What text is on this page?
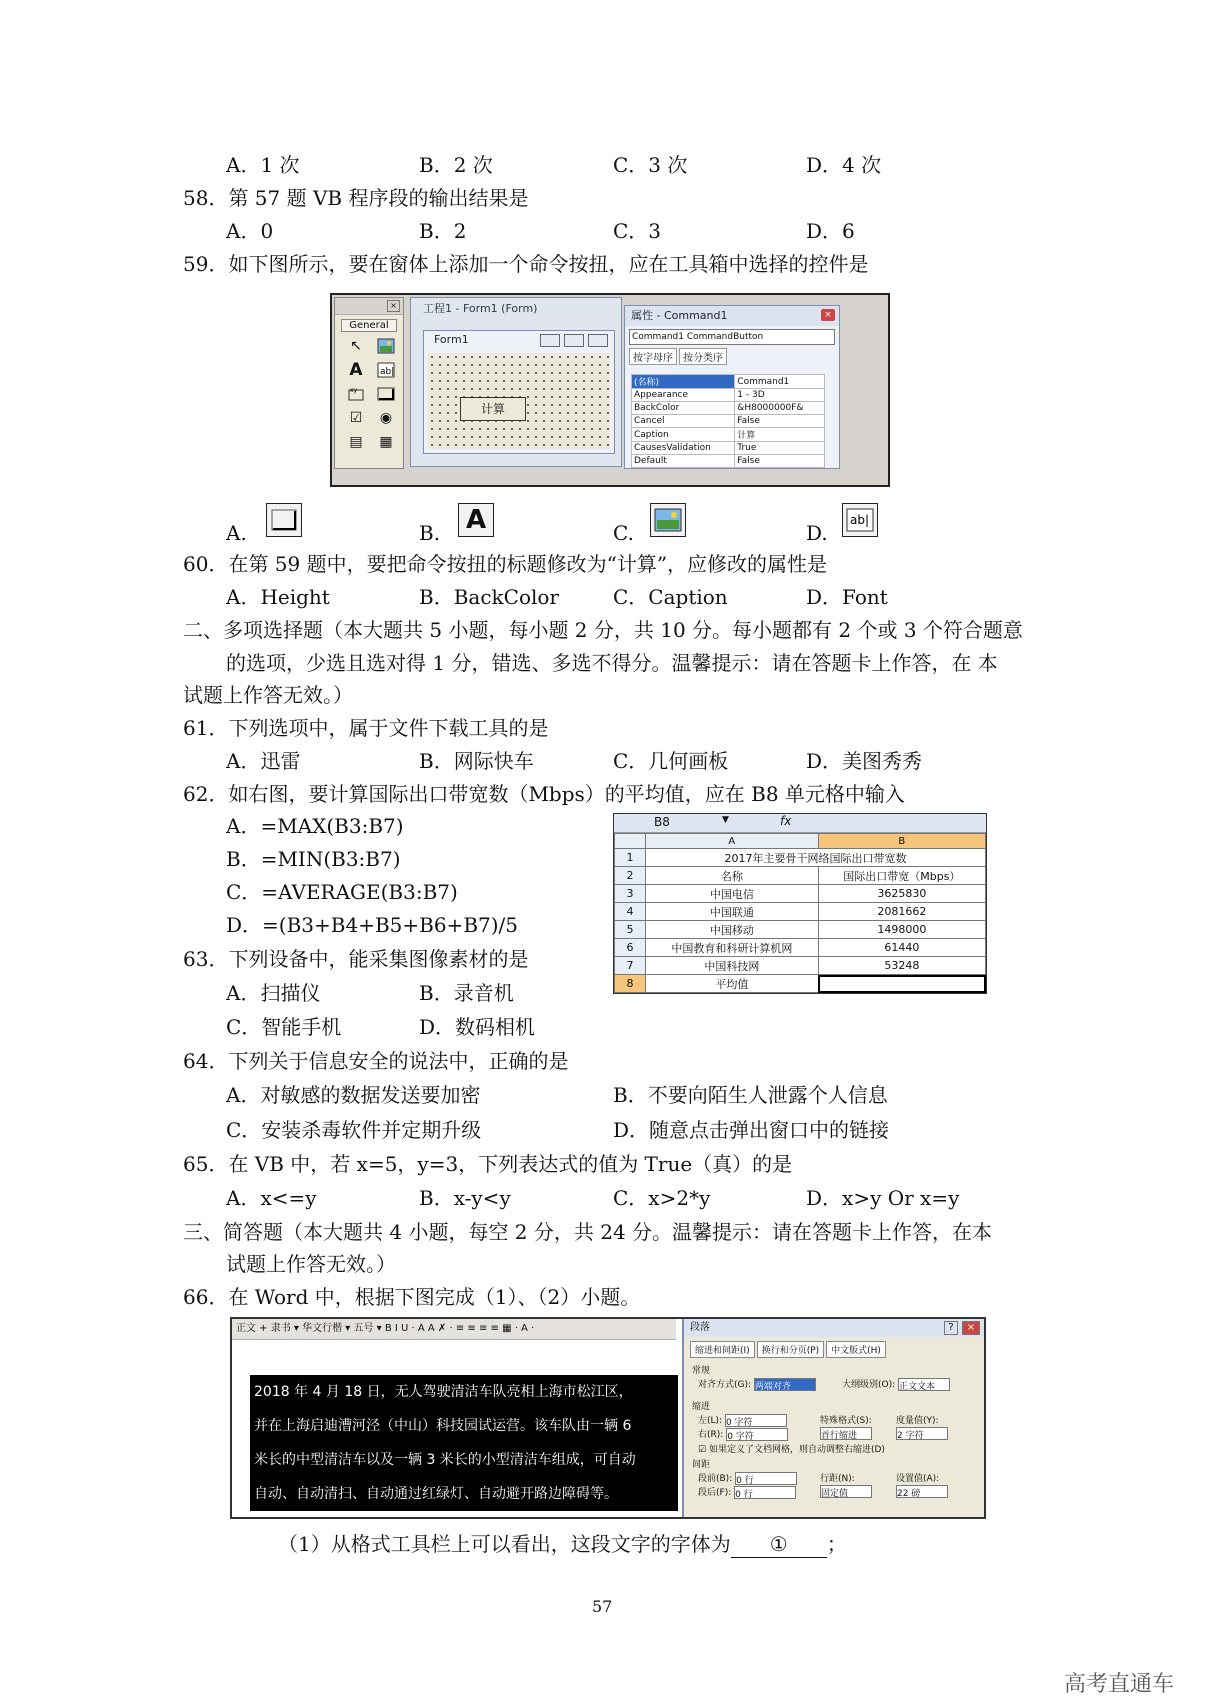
A．1 次	B．2 次	C．3 次	D．4 次
58．第 57 题 VB 程序段的输出结果是
A．0	B．2	C．3	D．6
59．如下图所示，要在窗体上添加一个命令按扭，应在工具箱中选择的控件是
×
General
↖
A	ab|
xy
☑	◉
▤	▦
工程1 - Form1 (Form)
Form1
计算
属性 - Command1	×
Command1 CommandButton
按字母序	按分类序
(名称)	Command1
Appearance	1 - 3D
BackColor	&H8000000F&
Cancel	False
Caption	计算
CausesValidation	True
Default	False
A.	B. A	C.	D.
ab|
60．在第 59 题中，要把命令按扭的标题修改为“计算”，应修改的属性是
A．Height	B．BackColor	C．Caption	D．Font
二、多项选择题（本大题共 5 小题，每小题 2 分，共 10 分。每小题都有 2 个或 3 个符合题意
的选项，少选且选对得 1 分，错选、多选不得分。温馨提示：请在答题卡上作答，在 本
试题上作答无效。）
61．下列选项中，属于文件下载工具的是
A．迅雷	B．网际快车	C．几何画板	D．美图秀秀
62．如右图，要计算国际出口带宽数（Mbps）的平均值，应在 B8 单元格中输入
A．=MAX(B3:B7)
B．=MIN(B3:B7)
C．=AVERAGE(B3:B7)
D．=(B3+B4+B5+B6+B7)/5
B8	▼	fx
	A	B
1	2017年主要骨干网络国际出口带宽数	
2	名称	国际出口带宽（Mbps）
3	中国电信	3625830
4	中国联通	2081662
5	中国移动	1498000
6	中国教育和科研计算机网	61440
7	中国科技网	53248
8	平均值	
63．下列设备中，能采集图像素材的是
A．扫描仪	B．录音机
C．智能手机	D．数码相机
64．下列关于信息安全的说法中，正确的是
A．对敏感的数据发送要加密	B．不要向陌生人泄露个人信息
C．安装杀毒软件并定期升级	D．随意点击弹出窗口中的链接
65．在 VB 中，若 x=5，y=3，下列表达式的值为 True（真）的是
A．x<=y	B．x-y<y	C．x>2*y	D．x>y Or x=y
三、简答题（本大题共 4 小题，每空 2 分，共 24 分。温馨提示：请在答题卡上作答，在本
试题上作答无效。）
66．在 Word 中，根据下图完成（1）、（2）小题。
正文 + 隶书 ▾ 华文行楷 ▾ 五号 ▾ B I U · A A ✗ · ≡ ≡ ≡ ≡ ▦ · A ·
2018 年 4 月 18 日，无人驾驶清洁车队亮相上海市松江区，
并在上海启迪漕河泾（中山）科技园试运营。该车队由一辆 6
米长的中型清洁车以及一辆 3 米长的小型清洁车组成，可自动
自动、自动清扫、自动通过红绿灯、自动避开路边障碍等。
段落	?	×
缩进和间距(I)	换行和分页(P)	中文版式(H)
常规
对齐方式(G): 两端对齐	大纲级别(O): 正文文本
缩进
左(L): 0 字符
右(R): 0 字符
特殊格式(S):
首行缩进
度量值(Y):
2 字符
☑ 如果定义了文档网格，则自动调整右缩进(D)
间距
段前(B): 0 行
段后(F): 0 行
行距(N):
固定值
设置值(A):
22 磅
（1）从格式工具栏上可以看出，这段文字的字体为 ① ；
57
高考直通车
